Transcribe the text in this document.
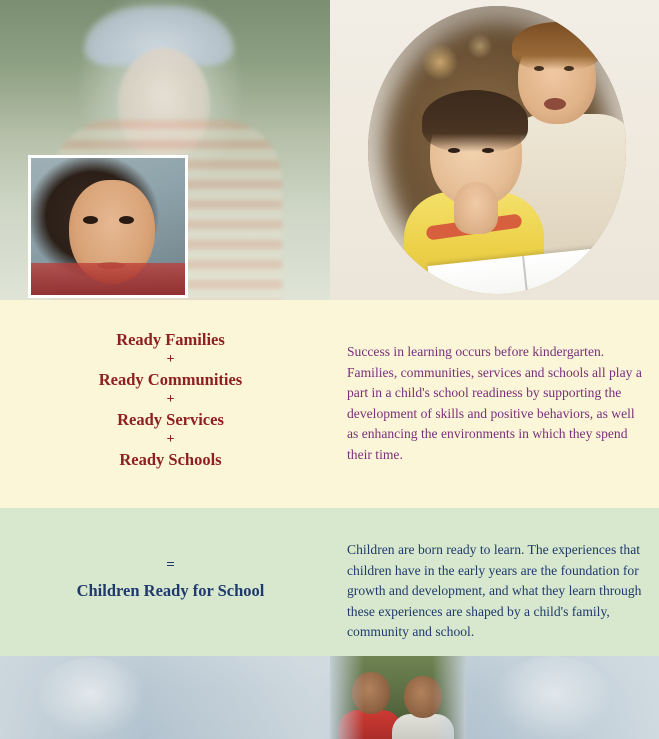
Ready Families
+
Ready Communities
+
Ready Services
+
Ready Schools

Success in learning occurs before kindergarten. Families, communities, services and schools all play a part in a child's school readiness by supporting the development of skills and positive behaviors, as well as enhancing the environments in which they spend their time.

=
Children Ready for School

Children are born ready to learn. The experiences that children have in the early years are the foundation for growth and development, and what they learn through these experiences are shaped by a child's family, community and school.
